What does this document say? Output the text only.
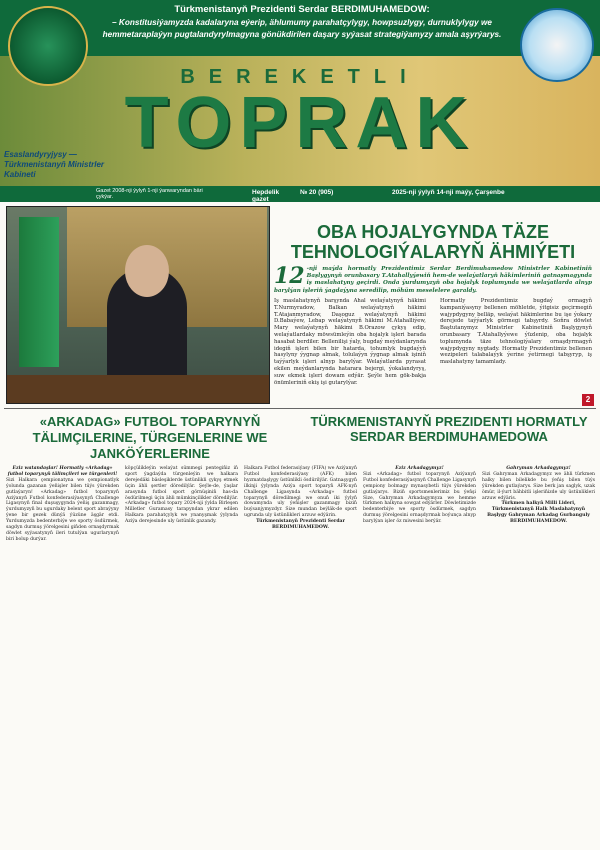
Türkmenistanyň Prezidenti Serdar BERDIMUHAMEDOW:
– Konstitusiýamyzda kadalaryna eýerip, ählumumy parahatçylygy, howpsuzlygy, durnuklylygy we hemmetaraplaýyn pugtalandyrylmagyna gönükdirilen daşary syýasat strategiýamyzy amala aşyrýarys.
BEREKETLI
TOPRAK
Esaslandyryjysy — Türkmenistanyň Ministrler Kabineti
Gazet 2008-nji ýylyň 1-nji ýanwaryndan bäri çykýar.
Hepdelik gazet
№ 20 (905)	2025-nji ýylyň 14-nji maýy, Çarşenbe
OBA HOJALYGYNDA TÄZE TEHNOLOGIÝALARYŇ ÄHMIÝETI
12 -nji maýda hormatly Prezidentimiz Serdar Berdimuhamedow Ministrler Kabinetiniň Başlygynyň orunbasary T.Atahallyýewiň hem-de welaýatlaryň häkimleriniň gatnaşmagynda iş maslahatyny geçirdi. Onda ýurdumyzyň oba hojalyk toplumynda we welaýatlarda alnyp barylýan işleriň ýagdaýyna seredilip, möhüm meselelere garaldy.
Iş maslahatynyň barşynda Ahal welaýatynyň häkimi T.Nurmyradow, Balkan welaýatynyň häkimi T.Atajanmyradow, Daşoguz welaýatynyň häkimi D.Babaýew, Lebap welaýatynyň häkimi M.Atahalliýew, Mary welaýatynyň häkimi B.Orazow çykyş edip, welaýatlardaky möwsümleýin oba hojalyk işleri barada hasabat berdiler. Bellenilişi ýaly, bugdaý meýdanlarynda idegiň işleri bilen bir hatarda, tohumlyk bugdaýyň hasylyny ýygnap almak, tolulaýyn ýygnap almak işiniň taýýarlyk işleri alnyp barylýar. Welaýatlarda pyrasat ekilen meýdanlarynda hatarara bejergi, ýokalandyryş, suw ekmek işleri dowam edýär. Şeýle hem gök-bakja önümleriniň ekiş işi gutarylýar.
Hormatly Prezidentimiz bugdaý ormagyň kampaniýasyny bellenen möhletde, ýitgisiz geçirmegiň wajypdygyny belläp, welaýat häkimlerine bu işe ýokary derejede taýýarlyk görmegi tabşyrdy. Soňra döwlet Baştutanymyz Ministrler Kabinetiniň Başlygynyň orunbasary T.Atahallyýewe ýüzlenip, oba hojalyk toplumynda täze tehnologiýalary ornaşdyrmagyň wajypdygyny nygtady. Hormatly Prezidentimiz bellenen wezipeleri talabalaýyk ýerine ýetirmegi tabşyryp, iş maslahatyny tamamlady.
2
«ARKADAG» FUTBOL TOPARYNYŇ TÄLIMÇILERINE, TÜRGENLERINE WE JANKÖÝERLERINE
TÜRKMENISTANYŇ PREZIDENTI HORMATLY SERDAR BERDIMUHAMEDOWA
Eziz watandaşlar! Hormatly «Arkadag» futbol toparynyň tälimçileri we türgenleri!
Sizi Halkara çempionatyna we çempionatlyk ýolunda gazanan ýeňişler bilen tüýs ýürekden gutlaýaryn! «Arkadag» futbol toparynyň Aziýanyň Futbol konfederasiýasynyň Challenge Ligasynyň final duşuşygynda ýeňiş gazanmagy, ýurdumyzyň bu ugurdaky belent sport abraýyny ýene bir gezek dünýä ýüzüne äşgär etdi. Ýurdumyzda bedenterbiýe we sporty ösdürmek, sagdyn durmuş ýörelgesini giňden ornaşdyrmak döwlet syýasatynyň ileri tutulýan ugurlarynyň biri bolup durýar.
köpçülikleýin welaýat sümmegi pentegiňiz iň sport ýagdaýda türgenleýin we halkara derejedäki bäsleşiklerde üstünlikli çykyş etmek üçin ähli şertler döredilýär. Şeýle-de, ýaşlar arasynda futbol sport görnüşiniň has-da ösdürilmegi üçin ähli mümkinçilikler döredilýär. «Arkadag» futbol topary 2024-nji ýylda Birleşen Milletler Guramasy tarapyndan ykrar edilen Halkara parahatçylyk we ynanyşmak ýylynda Aziýa derejesinde uly üstünlik gazandy.
Halkara Futbol federasiýasy (FIFA) we Aziýanyň Futbol konfederasiýasy (AFK) bilen hyzmatdaşlygy üstünlikli ösdürilýär. Gatnaşygyň ilkinji ýylynda Aziýa sport toparyň AFK-nyň Challenge Ligasynda «Arkadag» futbol toparynyň döredilmegi we onuň iki ýylyň dowamynda uly ýeňişler gazanmagy biziň buýsanjymyzdyr. Size mundan beýläk-de sport ugrunda uly üstünlikleri arzuw edýärin.
Türkmenistanyň Prezidenti Serdar BERDIMUHAMEDOW.
Eziz Arkadagymyz!
Sizi «Arkadag» futbol toparynyň Aziýanyň Futbol konfederasiýasynyň Challenge Ligasynyň çempiony bolmagy mynasybetli tüýs ýürekden gutlaýarys. Biziň sportsmenlerimiz bu ýeňşi Size, Gahryman Arkadagymyza we hemme türkmen halkyna sowgat edýärler. Döwletimizde bedenterbiýe we sporty ösdürmek, sagdyn durmuş ýörelgesini ornaşdyrmak boýunça alnyp barylýan işler öz miwesini berýär.
Gahryman Arkadagymyz!
Sizi Gahryman Arkadagymyz we ähli türkmen halky bilen bilelikde bu ýeňiş bilen tüýs ýürekden gutlaýarys. Size berk jan saglyk, uzak ömür, il-ýurt bähbitli işleriňizde uly üstünlikleri arzuw edýäris.
Türkmen halkyň Milli Lideri, Türkmenistanyň Halk Maslahatynyň Başlygy Gahryman Arkadag Gurbanguly BERDIMUHAMEDOW.
